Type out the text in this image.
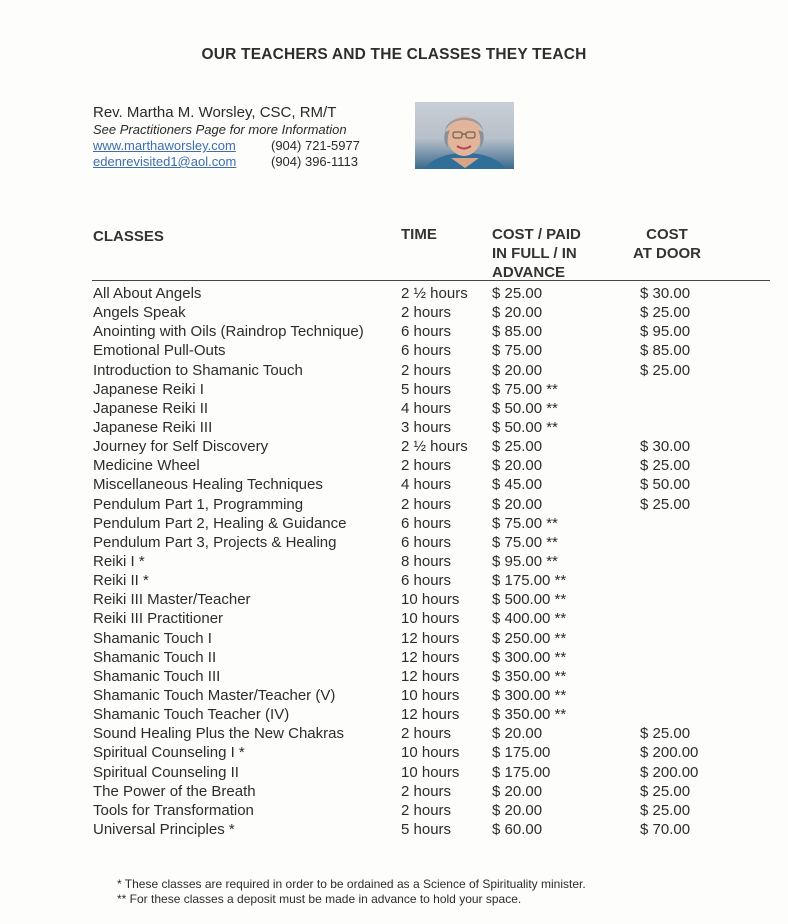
OUR TEACHERS AND THE CLASSES THEY TEACH
Rev. Martha M. Worsley, CSC, RM/T
See Practitioners Page for more Information
www.marthaworsley.com	(904) 721-5977
edenrevisited1@aol.com	(904) 396-1113
CLASSES	TIME	COST / PAID
IN FULL / IN
ADVANCE
COST
AT DOOR
All About Angels	2 ½ hours $ 25.00	$ 30.00
Angels Speak	2 hours	$ 20.00	$ 25.00
Anointing with Oils (Raindrop Technique) 6 hours	$ 85.00	$ 95.00
Emotional Pull-Outs	6 hours	$ 75.00	$ 85.00
Introduction to Shamanic Touch	2 hours	$ 20.00	$ 25.00
Japanese Reiki I	5 hours	$ 75.00 **
Japanese Reiki II	4 hours	$ 50.00 **
Japanese Reiki III	3 hours	$ 50.00 **
Journey for Self Discovery	2 ½ hours $ 25.00	$ 30.00
Medicine Wheel	2 hours	$ 20.00	$ 25.00
Miscellaneous Healing Techniques	4 hours	$ 45.00	$ 50.00
Pendulum Part 1, Programming	2 hours	$ 20.00	$ 25.00
Pendulum Part 2, Healing & Guidance	6 hours	$ 75.00 **
Pendulum Part 3, Projects & Healing	6 hours	$ 75.00 **
Reiki I *	8 hours	$ 95.00 **
Reiki II *	6 hours	$ 175.00 **
Reiki III Master/Teacher	10 hours $ 500.00 **
Reiki III Practitioner	10 hours $ 400.00 **
Shamanic Touch I	12 hours $ 250.00 **
Shamanic Touch II	12 hours $ 300.00 **
Shamanic Touch III	12 hours $ 350.00 **
Shamanic Touch Master/Teacher (V)	10 hours $ 300.00 **
Shamanic Touch Teacher (IV)	12 hours $ 350.00 **
Sound Healing Plus the New Chakras	2 hours	$ 20.00	$ 25.00
Spiritual Counseling I *	10 hours $ 175.00	$ 200.00
Spiritual Counseling II	10 hours $ 175.00	$ 200.00
The Power of the Breath	2 hours	$ 20.00	$ 25.00
Tools for Transformation	2 hours	$ 20.00	$ 25.00
Universal Principles *	5 hours	$ 60.00	$ 70.00
* These classes are required in order to be ordained as a Science of Spirituality minister.
** For these classes a deposit must be made in advance to hold your space.
